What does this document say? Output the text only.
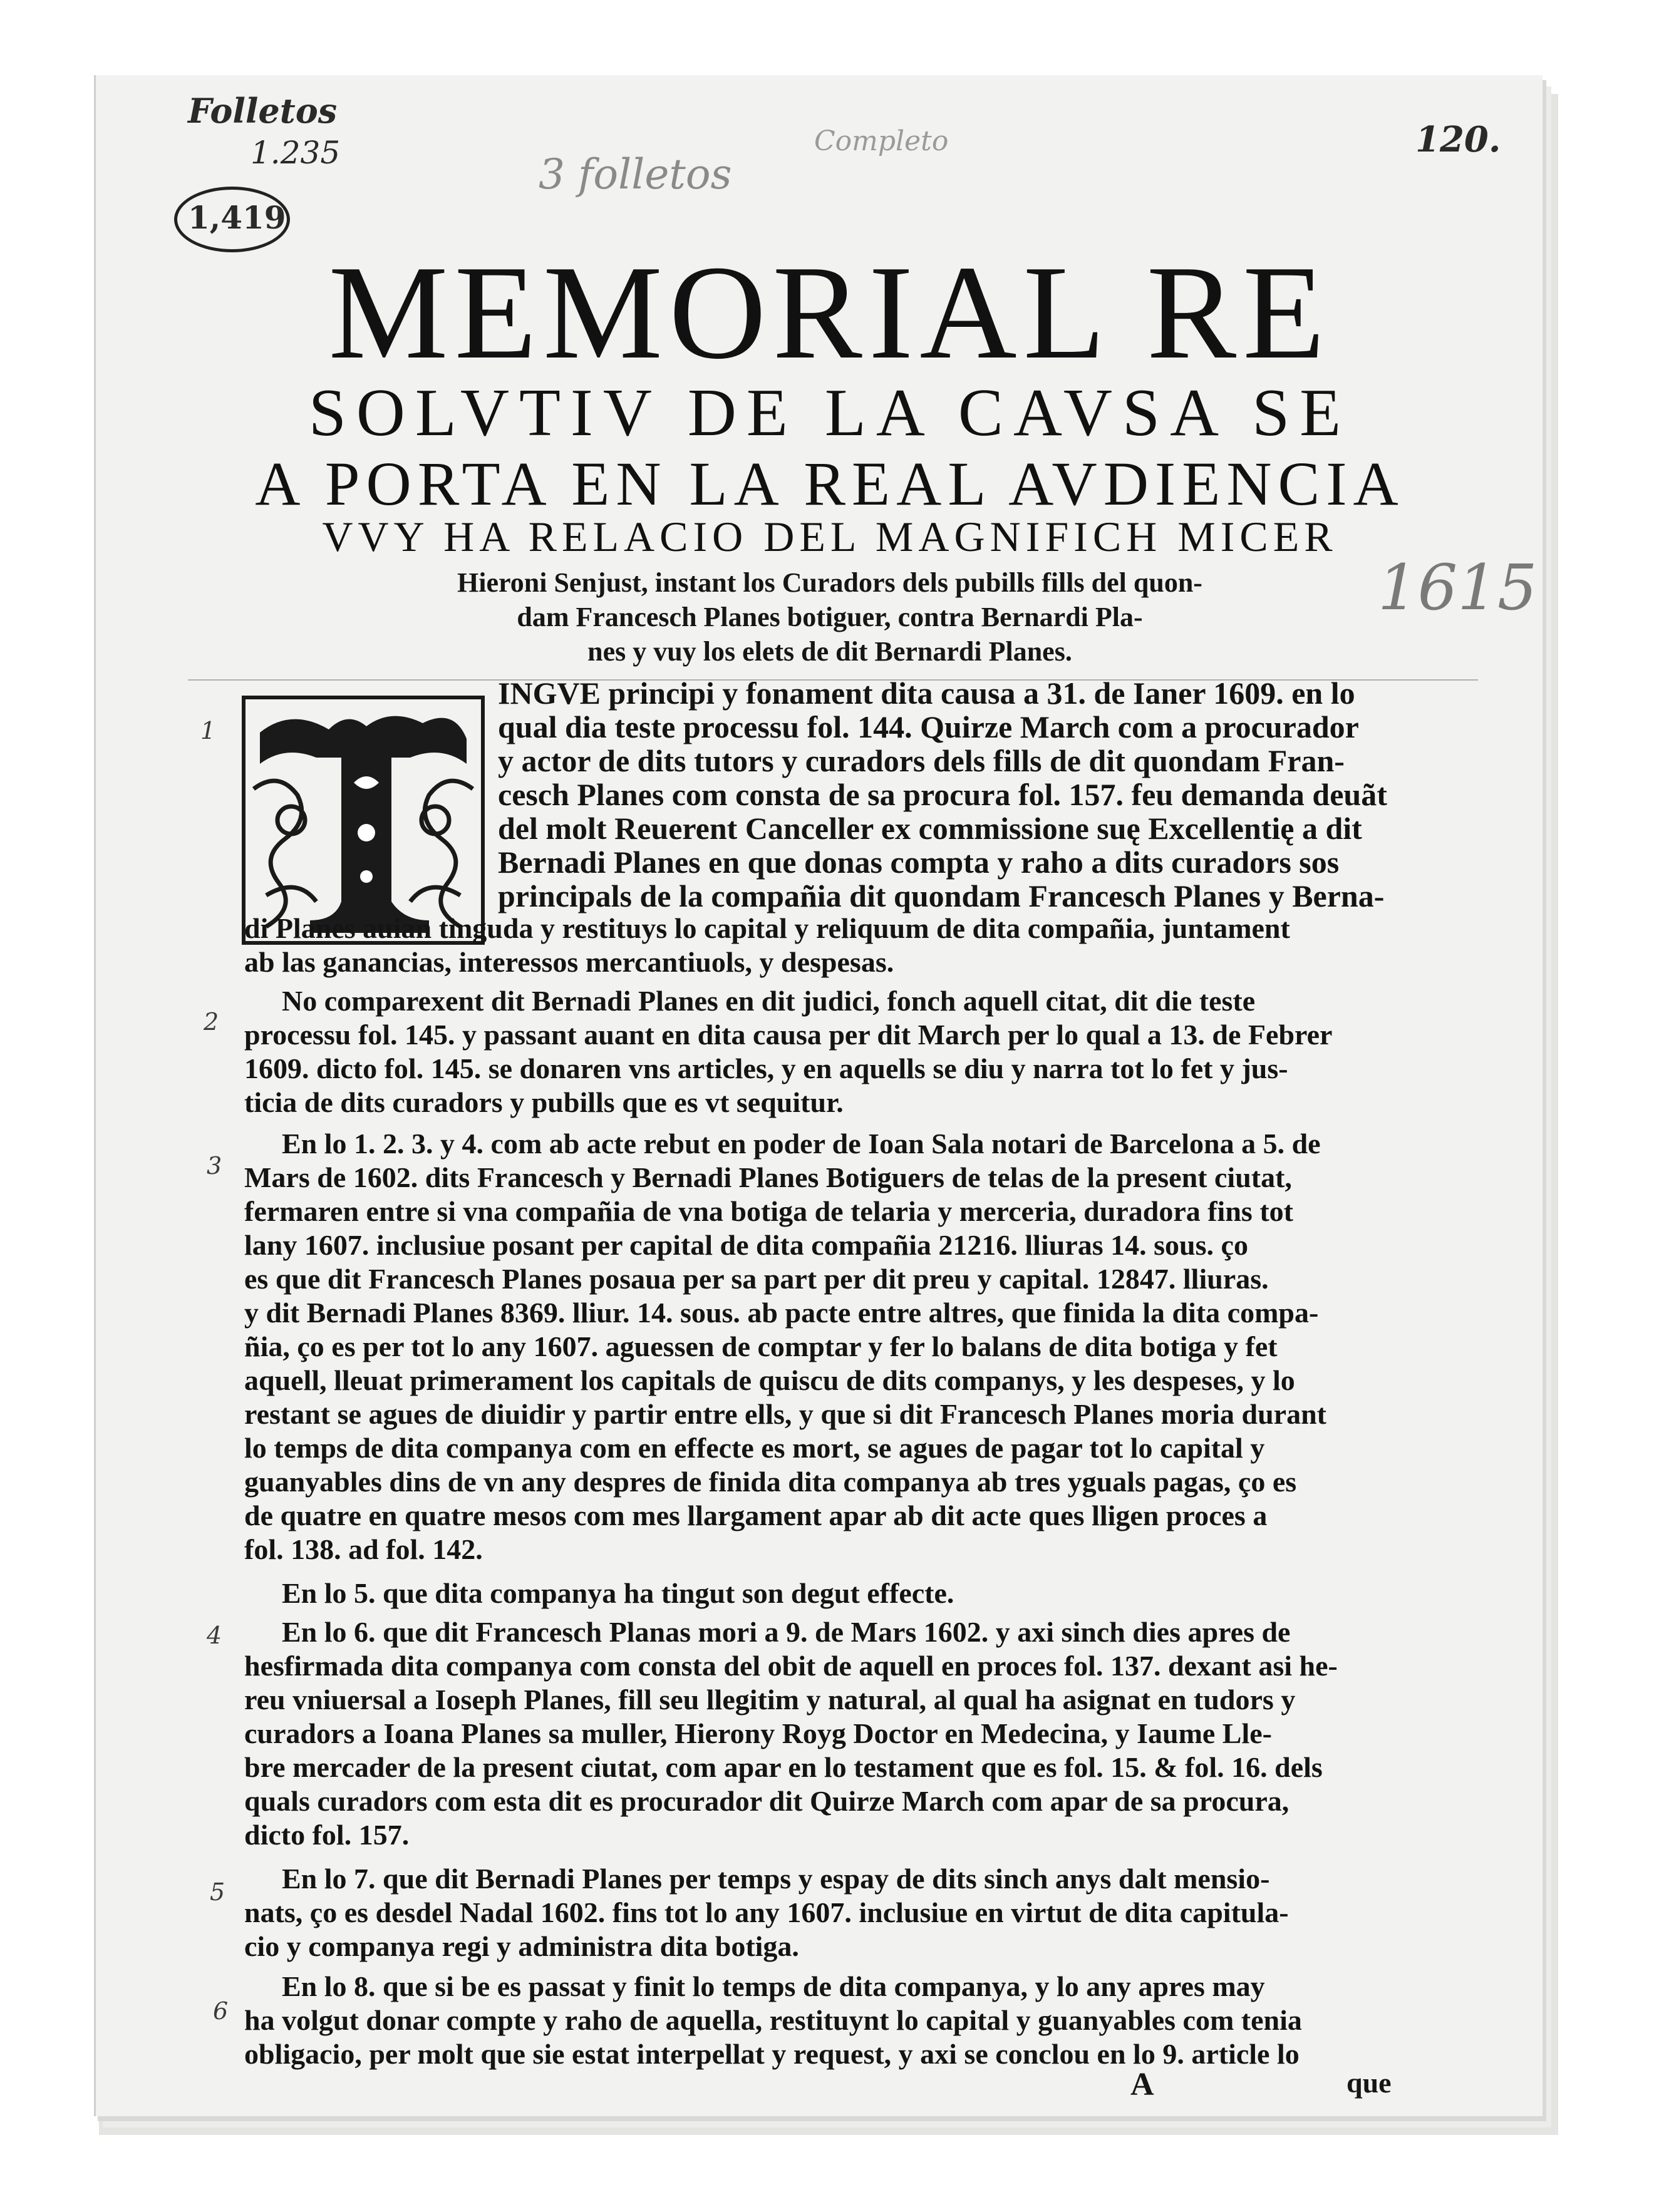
Folletos
1.235
1,419
3 folletos
Completo	120.
1615
MEMORIAL RE
SOLVTIV DE LA CAVSA SE
A PORTA EN LA REAL AVDIENCIA
VVY HA RELACIO DEL MAGNIFICH MICER
Hieroni Senjust, instant los Curadors dels pubills fills del quon-
dam Francesch Planes botiguer, contra Bernardi Pla-
nes y vuy los elets de dit Bernardi Planes.
INGVE principi y fonament dita causa a 31. de Ianer 1609. en lo
qual dia teste processu fol. 144. Quirze March com a procurador
y actor de dits tutors y curadors dels fills de dit quondam Fran-
cesch Planes com consta de sa procura fol. 157. feu demanda deuãt
del molt Reuerent Canceller ex commissione suę Excellentię a dit
Bernadi Planes en que donas compta y raho a dits curadors sos
principals de la compañia dit quondam Francesch Planes y Berna-
di Planes auian tinguda y restituys lo capital y reliquum de dita compañia, juntament
ab las ganancias, interessos mercantiuols, y despesas.
No comparexent dit Bernadi Planes en dit judici, fonch aquell citat, dit die teste
processu fol. 145. y passant auant en dita causa per dit March per lo qual a 13. de Febrer
1609. dicto fol. 145. se donaren vns articles, y en aquells se diu y narra tot lo fet y jus-
ticia de dits curadors y pubills que es vt sequitur.
En lo 1. 2. 3. y 4. com ab acte rebut en poder de Ioan Sala notari de Barcelona a 5. de
Mars de 1602. dits Francesch y Bernadi Planes Botiguers de telas de la present ciutat,
fermaren entre si vna compañia de vna botiga de telaria y merceria, duradora fins tot
lany 1607. inclusiue posant per capital de dita compañia 21216. lliuras 14. sous. ço
es que dit Francesch Planes posaua per sa part per dit preu y capital. 12847. lliuras.
y dit Bernadi Planes 8369. lliur. 14. sous. ab pacte entre altres, que finida la dita compa-
ñia, ço es per tot lo any 1607. aguessen de comptar y fer lo balans de dita botiga y fet
aquell, lleuat primerament los capitals de quiscu de dits companys, y les despeses, y lo
restant se agues de diuidir y partir entre ells, y que si dit Francesch Planes moria durant
lo temps de dita companya com en effecte es mort, se agues de pagar tot lo capital y
guanyables dins de vn any despres de finida dita companya ab tres yguals pagas, ço es
de quatre en quatre mesos com mes llargament apar ab dit acte ques lligen proces a
fol. 138. ad fol. 142.
En lo 5. que dita companya ha tingut son degut effecte.
En lo 6. que dit Francesch Planas mori a 9. de Mars 1602. y axi sinch dies apres de
hesfirmada dita companya com consta del obit de aquell en proces fol. 137. dexant asi he-
reu vniuersal a Ioseph Planes, fill seu llegitim y natural, al qual ha asignat en tudors y
curadors a Ioana Planes sa muller, Hierony Royg Doctor en Medecina, y Iaume Lle-
bre mercader de la present ciutat, com apar en lo testament que es fol. 15. & fol. 16. dels
quals curadors com esta dit es procurador dit Quirze March com apar de sa procura,
dicto fol. 157.
En lo 7. que dit Bernadi Planes per temps y espay de dits sinch anys dalt mensio-
nats, ço es desdel Nadal 1602. fins tot lo any 1607. inclusiue en virtut de dita capitula-
cio y companya regi y administra dita botiga.
En lo 8. que si be es passat y finit lo temps de dita companya, y lo any apres may
ha volgut donar compte y raho de aquella, restituynt lo capital y guanyables com tenia
obligacio, per molt que sie estat interpellat y request, y axi se conclou en lo 9. article lo
1
2
3
4
5
6
A	que
